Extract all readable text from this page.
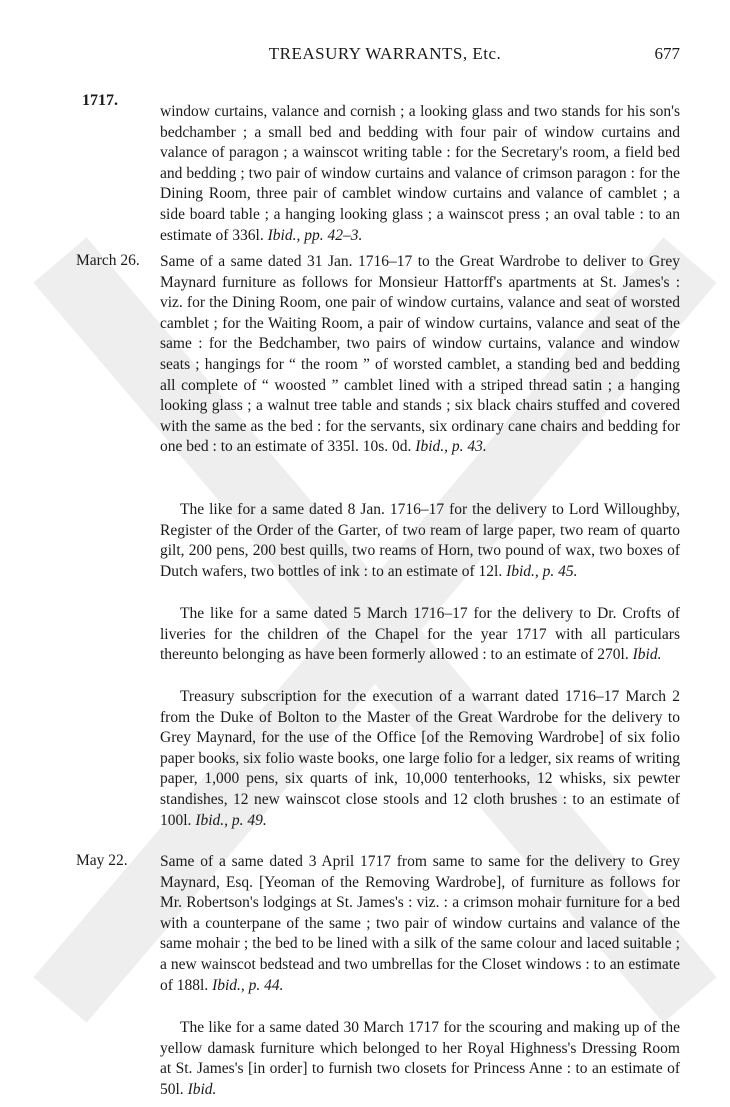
TREASURY WARRANTS, Etc.	677
1717.
window curtains, valance and cornish ; a looking glass and two stands for his son's bedchamber ; a small bed and bedding with four pair of window curtains and valance of paragon ; a wainscot writing table : for the Secretary's room, a field bed and bedding ; two pair of window curtains and valance of crimson paragon : for the Dining Room, three pair of camblet window curtains and valance of camblet ; a side board table ; a hanging looking glass ; a wainscot press ; an oval table : to an estimate of 336l. Ibid., pp. 42–3.
March 26. Same of a same dated 31 Jan. 1716–17 to the Great Wardrobe to deliver to Grey Maynard furniture as follows for Monsieur Hattorff's apartments at St. James's : viz. for the Dining Room, one pair of window curtains, valance and seat of worsted camblet ; for the Waiting Room, a pair of window curtains, valance and seat of the same : for the Bedchamber, two pairs of window curtains, valance and window seats ; hangings for “ the room ” of worsted camblet, a standing bed and bedding all complete of “ woosted ” camblet lined with a striped thread satin ; a hanging looking glass ; a walnut tree table and stands ; six black chairs stuffed and covered with the same as the bed : for the servants, six ordinary cane chairs and bedding for one bed : to an estimate of 335l. 10s. 0d. Ibid., p. 43.
The like for a same dated 8 Jan. 1716–17 for the delivery to Lord Willoughby, Register of the Order of the Garter, of two ream of large paper, two ream of quarto gilt, 200 pens, 200 best quills, two reams of Horn, two pound of wax, two boxes of Dutch wafers, two bottles of ink : to an estimate of 12l. Ibid., p. 45.
The like for a same dated 5 March 1716–17 for the delivery to Dr. Crofts of liveries for the children of the Chapel for the year 1717 with all particulars thereunto belonging as have been formerly allowed : to an estimate of 270l. Ibid.
Treasury subscription for the execution of a warrant dated 1716–17 March 2 from the Duke of Bolton to the Master of the Great Wardrobe for the delivery to Grey Maynard, for the use of the Office [of the Removing Wardrobe] of six folio paper books, six folio waste books, one large folio for a ledger, six reams of writing paper, 1,000 pens, six quarts of ink, 10,000 tenterhooks, 12 whisks, six pewter standishes, 12 new wainscot close stools and 12 cloth brushes : to an estimate of 100l. Ibid., p. 49.
May 22. Same of a same dated 3 April 1717 from same to same for the delivery to Grey Maynard, Esq. [Yeoman of the Removing Wardrobe], of furniture as follows for Mr. Robertson's lodgings at St. James's : viz. : a crimson mohair furniture for a bed with a counterpane of the same ; two pair of window curtains and valance of the same mohair ; the bed to be lined with a silk of the same colour and laced suitable ; a new wainscot bedstead and two umbrellas for the Closet windows : to an estimate of 188l. Ibid., p. 44.
The like for a same dated 30 March 1717 for the scouring and making up of the yellow damask furniture which belonged to her Royal Highness's Dressing Room at St. James's [in order] to furnish two closets for Princess Anne : to an estimate of 50l. Ibid.
